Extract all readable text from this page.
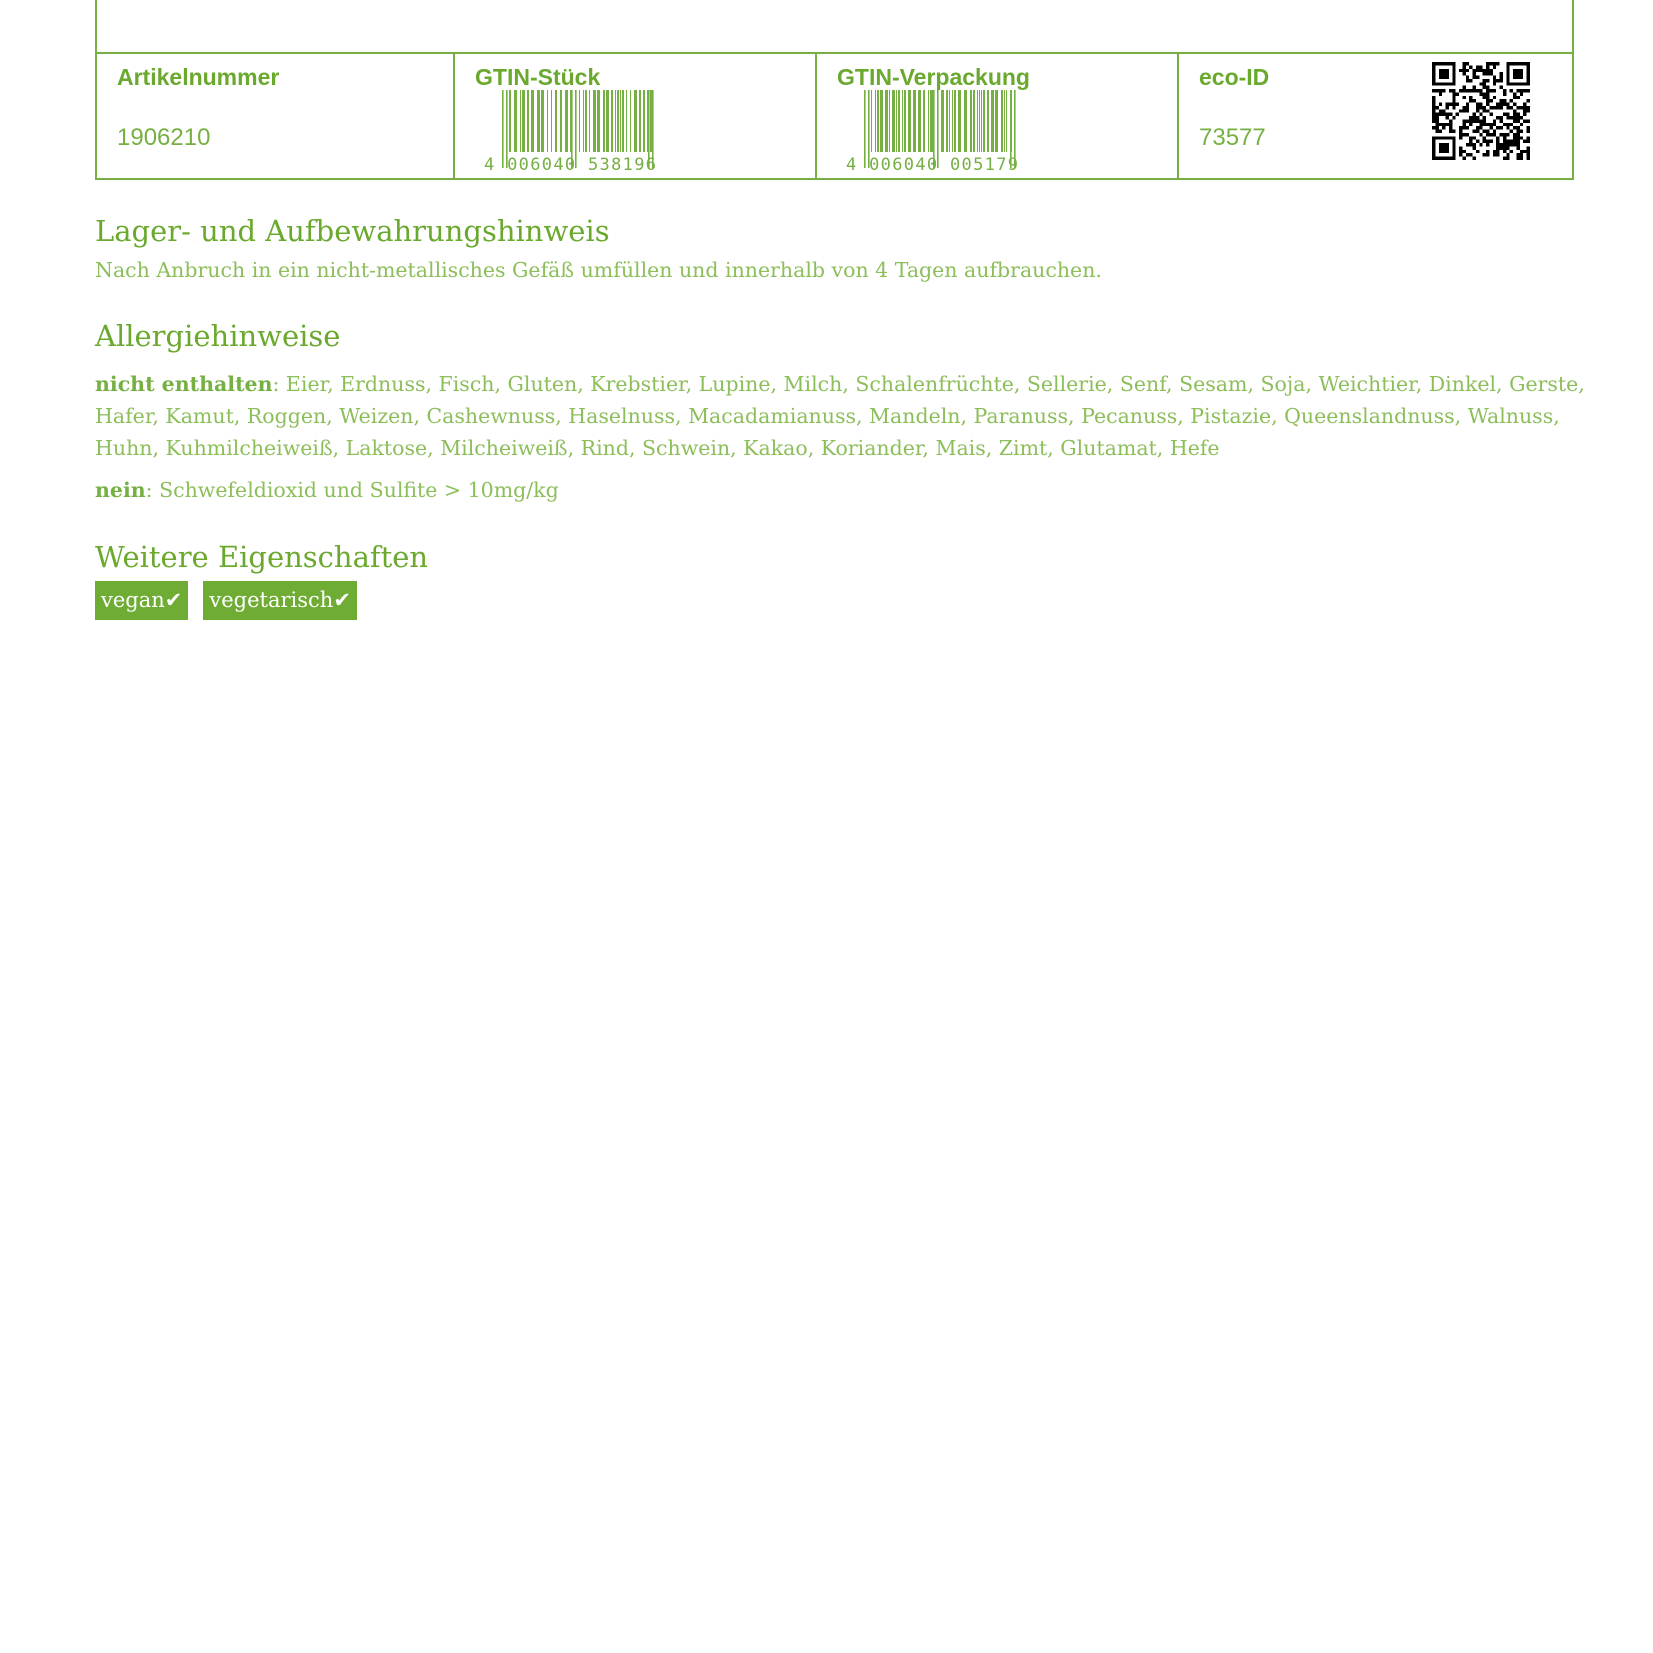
Artikelnummer
1906210
GTIN-Stück
4 006040 538196
GTIN-Verpackung
4 006040 005179
eco-ID
73577
Lager- und Aufbewahrungshinweis
Nach Anbruch in ein nicht-metallisches Gefäß umfüllen und innerhalb von 4 Tagen aufbrauchen.
Allergiehinweise
nicht enthalten: Eier, Erdnuss, Fisch, Gluten, Krebstier, Lupine, Milch, Schalenfrüchte, Sellerie, Senf, Sesam, Soja, Weichtier, Dinkel, Gerste, Hafer, Kamut, Roggen, Weizen, Cashewnuss, Haselnuss, Macadamianuss, Mandeln, Paranuss, Pecanuss, Pistazie, Queenslandnuss, Walnuss, Huhn, Kuhmilcheiweiß, Laktose, Milcheiweiß, Rind, Schwein, Kakao, Koriander, Mais, Zimt, Glutamat, Hefe
nein: Schwefeldioxid und Sulfite > 10mg/kg
Weitere Eigenschaften
vegan✔ vegetarisch✔
